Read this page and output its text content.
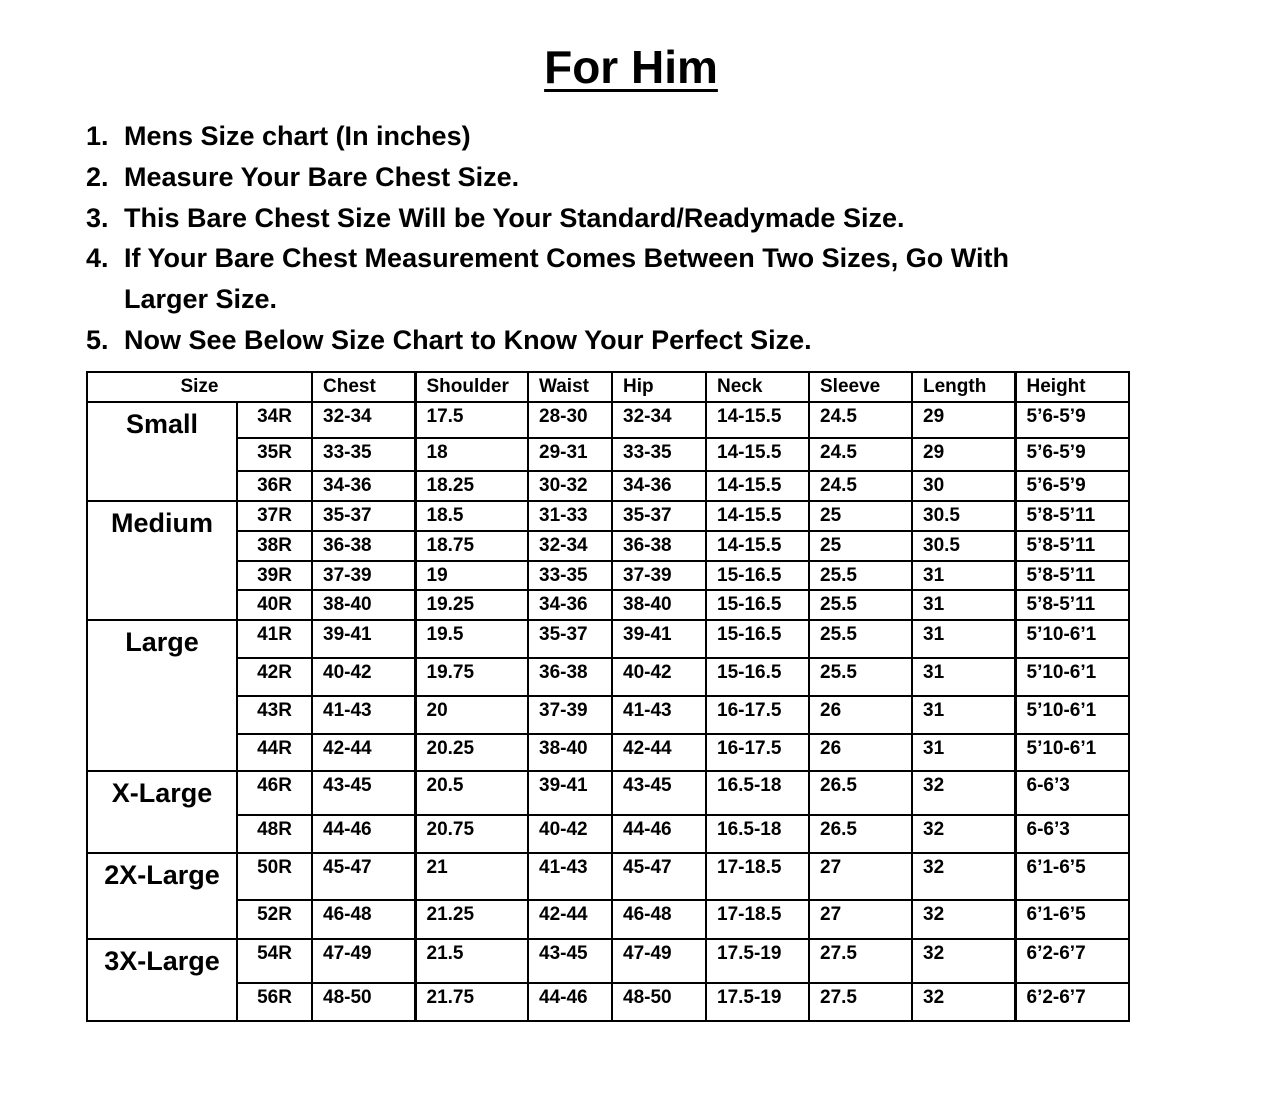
For Him
1. Mens Size chart (In inches)
2. Measure Your Bare Chest Size.
3. This Bare Chest Size Will be Your Standard/Readymade Size.
4. If Your Bare Chest Measurement Comes Between Two Sizes, Go With Larger Size.
5. Now See Below Size Chart to Know Your Perfect Size.
Size		Chest	Shoulder	Waist	Hip	Neck	Sleeve	Length	Height
Small	34R	32-34	17.5	28-30	32-34	14-15.5	24.5	29	5’6-5’9
	35R	33-35	18	29-31	33-35	14-15.5	24.5	29	5’6-5’9
	36R	34-36	18.25	30-32	34-36	14-15.5	24.5	30	5’6-5’9
Medium	37R	35-37	18.5	31-33	35-37	14-15.5	25	30.5	5’8-5’11
	38R	36-38	18.75	32-34	36-38	14-15.5	25	30.5	5’8-5’11
	39R	37-39	19	33-35	37-39	15-16.5	25.5	31	5’8-5’11
	40R	38-40	19.25	34-36	38-40	15-16.5	25.5	31	5’8-5’11
Large	41R	39-41	19.5	35-37	39-41	15-16.5	25.5	31	5’10-6’1
	42R	40-42	19.75	36-38	40-42	15-16.5	25.5	31	5’10-6’1
	43R	41-43	20	37-39	41-43	16-17.5	26	31	5’10-6’1
	44R	42-44	20.25	38-40	42-44	16-17.5	26	31	5’10-6’1
X-Large	46R	43-45	20.5	39-41	43-45	16.5-18	26.5	32	6-6’3
	48R	44-46	20.75	40-42	44-46	16.5-18	26.5	32	6-6’3
2X-Large	50R	45-47	21	41-43	45-47	17-18.5	27	32	6’1-6’5
	52R	46-48	21.25	42-44	46-48	17-18.5	27	32	6’1-6’5
3X-Large	54R	47-49	21.5	43-45	47-49	17.5-19	27.5	32	6’2-6’7
	56R	48-50	21.75	44-46	48-50	17.5-19	27.5	32	6’2-6’7
